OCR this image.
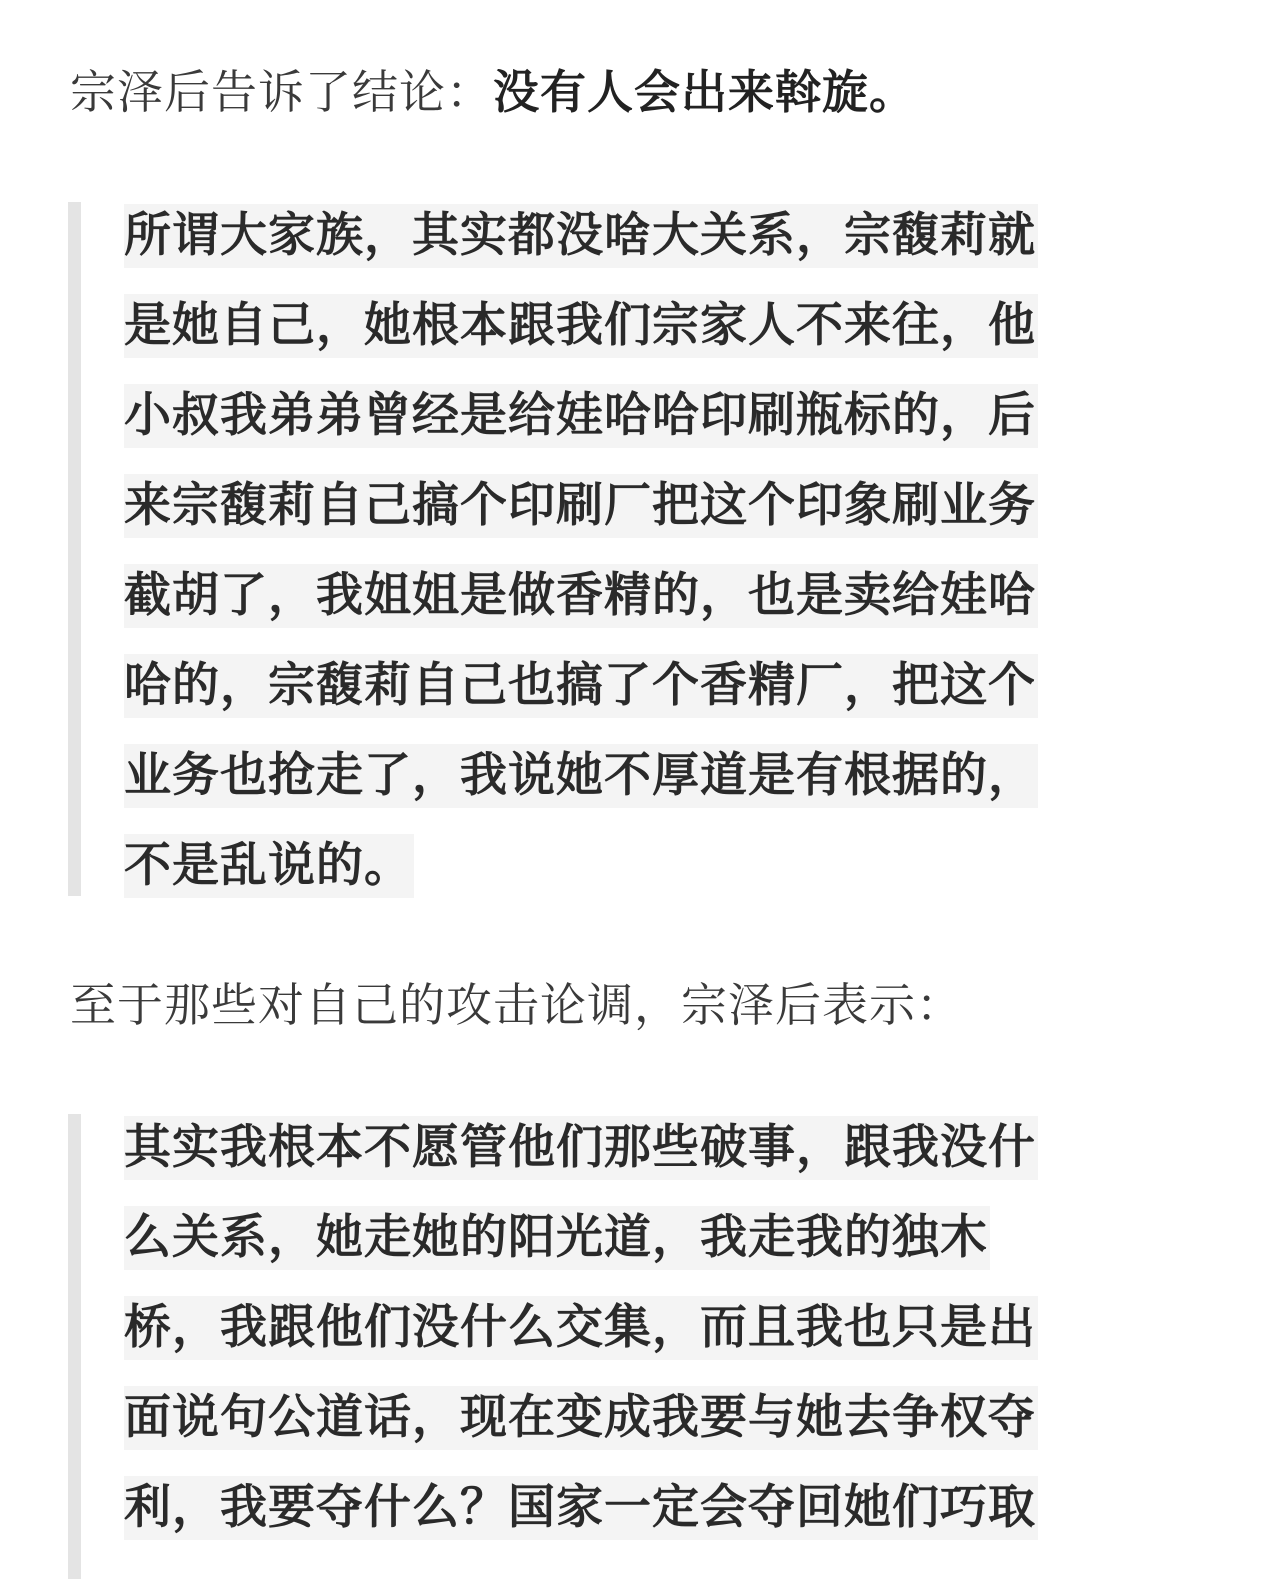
宗泽后告诉了结论：没有人会出来斡旋。
所谓大家族，其实都没啥大关系，宗馥莉就
是她自己，她根本跟我们宗家人不来往，他
小叔我弟弟曾经是给娃哈哈印刷瓶标的，后
来宗馥莉自己搞个印刷厂把这个印象刷业务
截胡了，我姐姐是做香精的，也是卖给娃哈
哈的，宗馥莉自己也搞了个香精厂，把这个
业务也抢走了，我说她不厚道是有根据的，
不是乱说的。
至于那些对自己的攻击论调，宗泽后表示：
其实我根本不愿管他们那些破事，跟我没什
么关系，她走她的阳光道，我走我的独木
桥，我跟他们没什么交集，而且我也只是出
面说句公道话，现在变成我要与她去争权夺
利，我要夺什么？国家一定会夺回她们巧取
